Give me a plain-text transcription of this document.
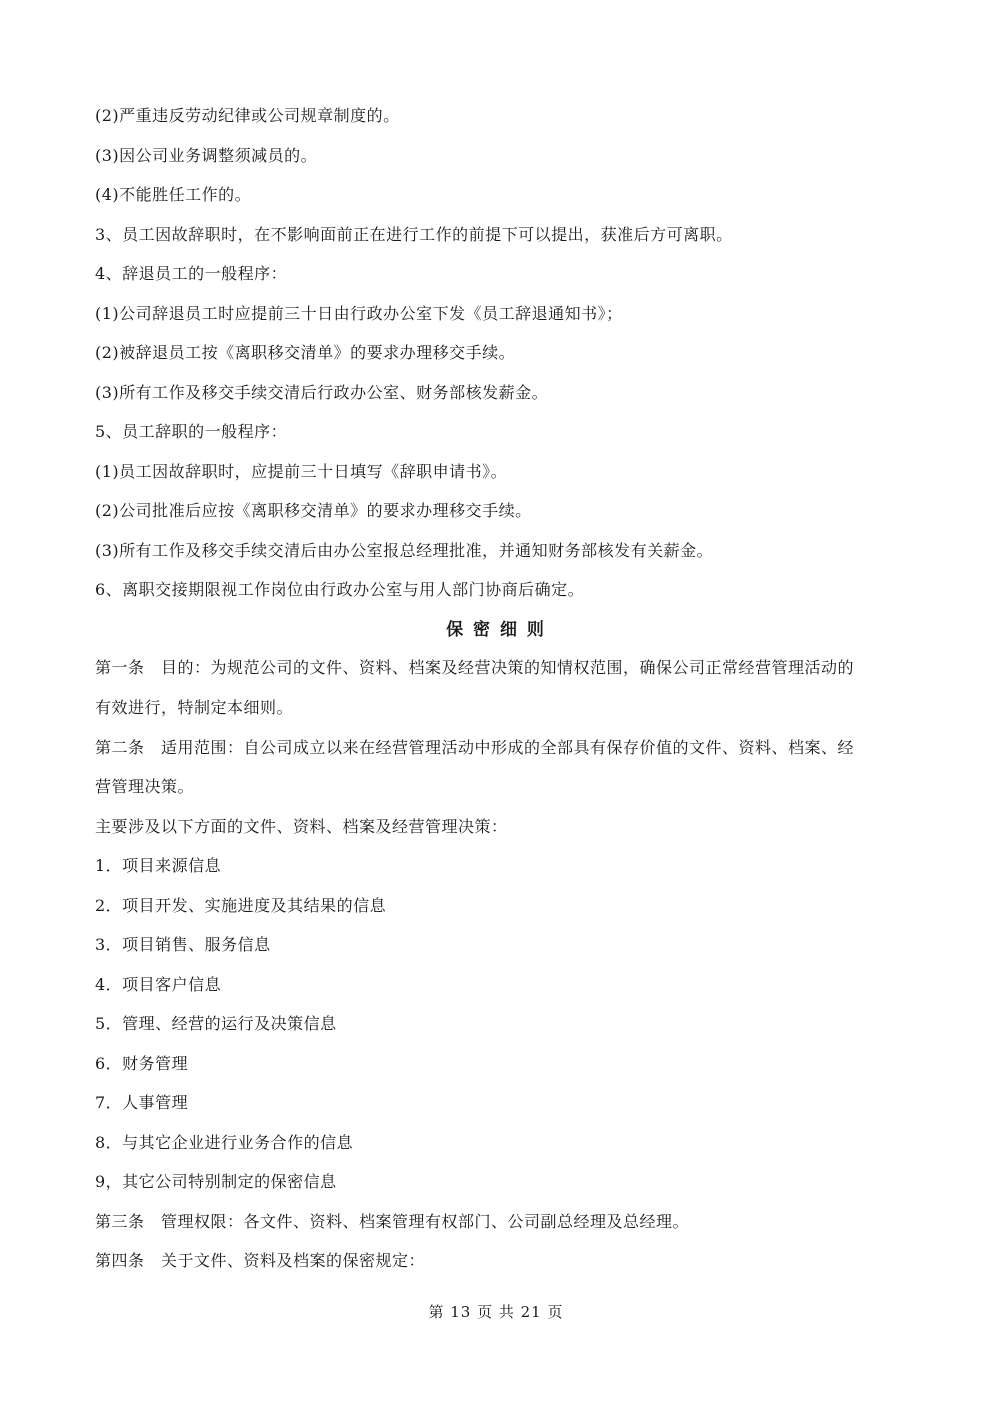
(2)严重违反劳动纪律或公司规章制度的。
(3)因公司业务调整须减员的。
(4)不能胜任工作的。
3、员工因故辞职时，在不影响面前正在进行工作的前提下可以提出，获准后方可离职。
4、辞退员工的一般程序：
(1)公司辞退员工时应提前三十日由行政办公室下发《员工辞退通知书》；
(2)被辞退员工按《离职移交清单》的要求办理移交手续。
(3)所有工作及移交手续交清后行政办公室、财务部核发薪金。
5、员工辞职的一般程序：
(1)员工因故辞职时，应提前三十日填写《辞职申请书》。
(2)公司批准后应按《离职移交清单》的要求办理移交手续。
(3)所有工作及移交手续交清后由办公室报总经理批准，并通知财务部核发有关薪金。
6、离职交接期限视工作岗位由行政办公室与用人部门协商后确定。
保 密 细 则
第一条　目的：为规范公司的文件、资料、档案及经营决策的知情权范围，确保公司正常经营管理活动的
有效进行，特制定本细则。
第二条　适用范围：自公司成立以来在经营管理活动中形成的全部具有保存价值的文件、资料、档案、经
营管理决策。
主要涉及以下方面的文件、资料、档案及经营管理决策：
1．项目来源信息
2．项目开发、实施进度及其结果的信息
3．项目销售、服务信息
4．项目客户信息
5．管理、经营的运行及决策信息
6．财务管理
7．人事管理
8．与其它企业进行业务合作的信息
9，其它公司特别制定的保密信息
第三条　管理权限：各文件、资料、档案管理有权部门、公司副总经理及总经理。
第四条　关于文件、资料及档案的保密规定：
第 13 页 共 21 页
